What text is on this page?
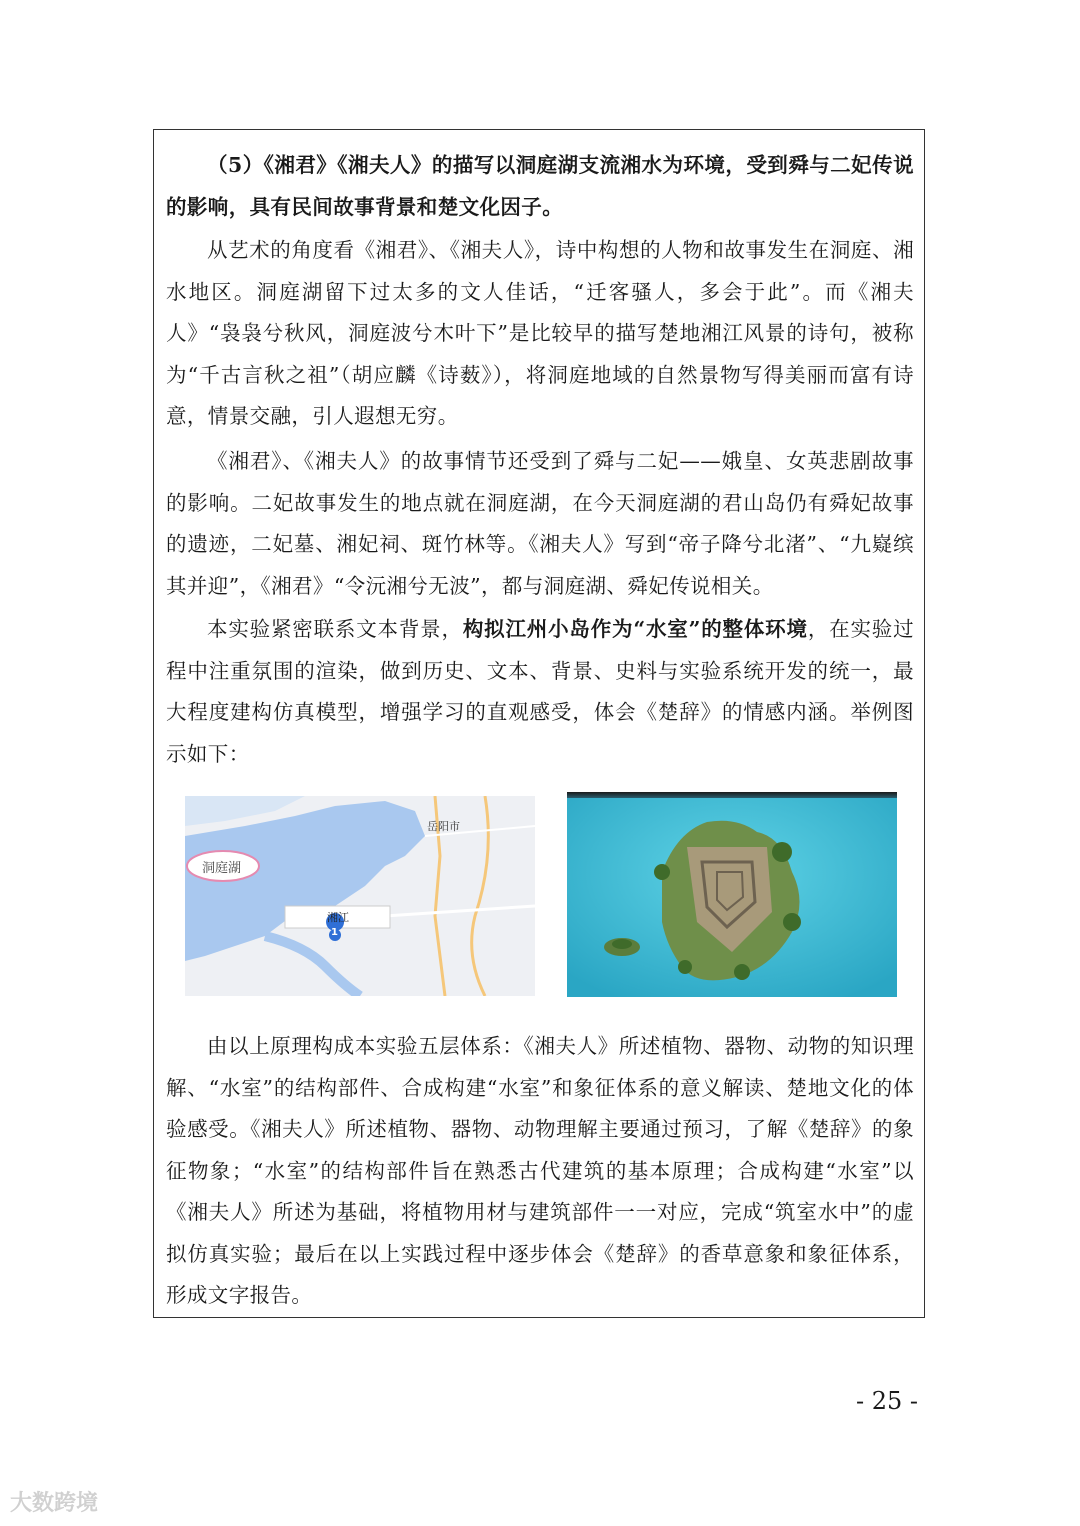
（5）《湘君》《湘夫人》的描写以洞庭湖支流湘水为环境，受到舜与二妃传说的影响，具有民间故事背景和楚文化因子。

从艺术的角度看《湘君》、《湘夫人》，诗中构想的人物和故事发生在洞庭、湘水地区。洞庭湖留下过太多的文人佳话，“迁客骚人，多会于此”。而《湘夫人》“袅袅兮秋风，洞庭波兮木叶下”是比较早的描写楚地湘江风景的诗句，被称为“千古言秋之祖”（胡应麟《诗薮》），将洞庭地域的自然景物写得美丽而富有诗意，情景交融，引人遐想无穷。

《湘君》、《湘夫人》的故事情节还受到了舜与二妃——娥皇、女英悲剧故事的影响。二妃故事发生的地点就在洞庭湖，在今天洞庭湖的君山岛仍有舜妃故事的遗迹，二妃墓、湘妃祠、斑竹林等。《湘夫人》写到“帝子降兮北渚”、“九嶷缤其并迎”，《湘君》“令沅湘兮无波”，都与洞庭湖、舜妃传说相关。

本实验紧密联系文本背景，构拟江州小岛作为“水室”的整体环境，在实验过程中注重氛围的渲染，做到历史、文本、背景、史料与实验系统开发的统一，最大程度建构仿真模型，增强学习的直观感受，体会《楚辞》的情感内涵。举例图示如下：

洞庭湖
岳阳市
湘江
1

由以上原理构成本实验五层体系：《湘夫人》所述植物、器物、动物的知识理解、“水室”的结构部件、合成构建“水室”和象征体系的意义解读、楚地文化的体验感受。《湘夫人》所述植物、器物、动物理解主要通过预习，了解《楚辞》的象征物象；“水室”的结构部件旨在熟悉古代建筑的基本原理；合成构建“水室”以《湘夫人》所述为基础，将植物用材与建筑部件一一对应，完成“筑室水中”的虚拟仿真实验；最后在以上实践过程中逐步体会《楚辞》的香草意象和象征体系，形成文字报告。

- 25 -
大数跨境
